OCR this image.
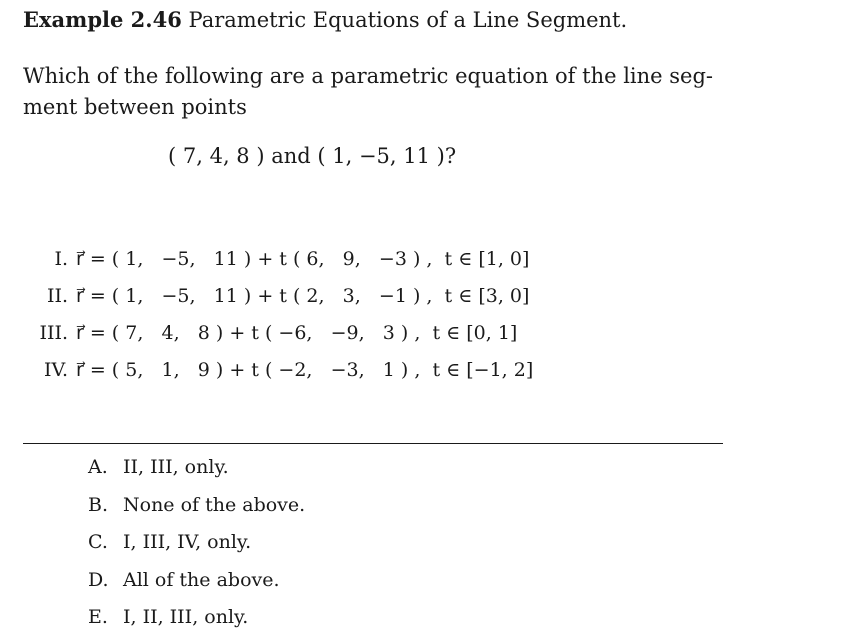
Example 2.46 Parametric Equations of a Line Segment.
Which of the following are a parametric equation of the line seg-
ment between points
( 7, 4, 8 ) and ( 1, −5, 11 )?
I.	r⃗ = ( 1,   −5,   11 ) + t ( 6,   9,   −3 ) ,  t ∈ [1, 0]
II.	r⃗ = ( 1,   −5,   11 ) + t ( 2,   3,   −1 ) ,  t ∈ [3, 0]
III.	r⃗ = ( 7,   4,   8 ) + t ( −6,   −9,   3 ) ,  t ∈ [0, 1]
IV.	r⃗ = ( 5,   1,   9 ) + t ( −2,   −3,   1 ) ,  t ∈ [−1, 2]
A. II, III, only.
B. None of the above.
C. I, III, IV, only.
D. All of the above.
E. I, II, III, only.
